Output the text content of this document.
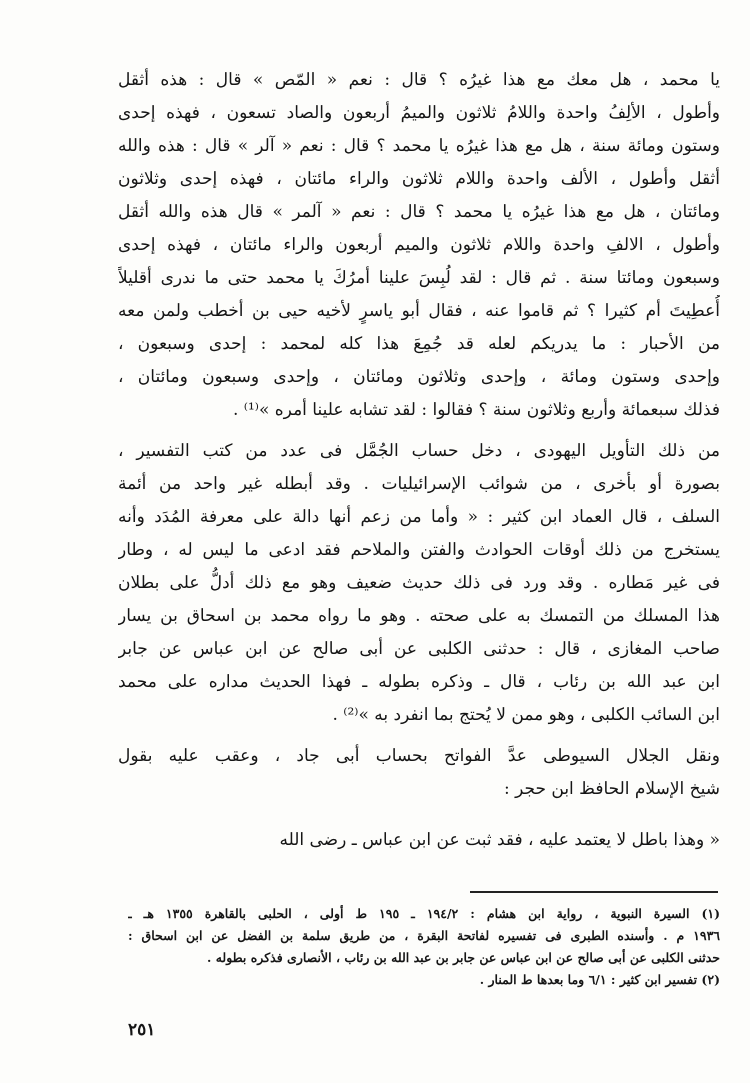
يا محمد ، هل معك مع هذا غيرُه ؟ قال : نعم « المّص » قال : هذه أثقل
وأطول ، الألِفُ واحدة واللامُ ثلاثون والميمُ أربعون والصاد تسعون ، فهذه إحدى
وستون ومائة سنة ، هل مع هذا غيرُه يا محمد ؟ قال : نعم « آلر » قال : هذه والله
أثقل وأطول ، الألف واحدة واللام ثلاثون والراء مائتان ، فهذه إحدى وثلاثون
ومائتان ، هل مع هذا غيرُه يا محمد ؟ قال : نعم « آلمر » قال هذه والله أثقل
وأطول ، الالفِ واحدة واللام ثلاثون والميم أربعون والراء مائتان ، فهذه إحدى
وسبعون ومائتا سنة . ثم قال : لقد لُبِسَ علينا أمرُكَ يا محمد حتى ما ندرى أقليلاً
أُعطِيتَ أم كثيرا ؟ ثم قاموا عنه ، فقال أبو ياسرٍ لأخيه حيى بن أخطب ولمن معه
من الأحبار : ما يدريكم لعله قد جُمِعَ هذا كله لمحمد : إحدى وسبعون ،
وإحدى وستون ومائة ، وإحدى وثلاثون ومائتان ، وإحدى وسبعون ومائتان ،
فذلك سبعمائة وأربع وثلاثون سنة ؟ فقالوا : لقد تشابه علينا أمره »⁽¹⁾ .
من ذلك التأويل اليهودى ، دخل حساب الجُمَّل فى عدد من كتب التفسير ،
بصورة أو بأخرى ، من شوائب الإسرائيليات . وقد أبطله غير واحد من أئمة
السلف ، قال العماد ابن كثير : « وأما من زعم أنها دالة على معرفة المُدَد وأنه
يستخرج من ذلك أوقات الحوادث والفتن والملاحم فقد ادعى ما ليس له ، وطار
فى غير مَطاره . وقد ورد فى ذلك حديث ضعيف وهو مع ذلك أدلُّ على بطلان
هذا المسلك من التمسك به على صحته . وهو ما رواه محمد بن اسحاق بن يسار
صاحب المغازى ، قال : حدثنى الكلبى عن أبى صالح عن ابن عباس عن جابر
ابن عبد الله بن رئاب ، قال ـ وذكره بطوله ـ فهذا الحديث مداره على محمد
ابن السائب الكلبى ، وهو ممن لا يُحتج بما انفرد به »⁽²⁾ .
ونقل الجلال السيوطى عدَّ الفواتح بحساب أبى جاد ، وعقب عليه بقول
شيخ الإسلام الحافظ ابن حجر :
« وهذا باطل لا يعتمد عليه ، فقد ثبت عن ابن عباس ـ رضى الله
(١) السيرة النبوية ، رواية ابن هشام : ١٩٤/٢ ـ ١٩٥ ط أولى ، الحلبى بالقاهرة ١٣٥٥ هـ ـ
١٩٣٦ م . وأسنده الطبرى فى تفسيره لفاتحة البقرة ، من طريق سلمة بن الفضل عن ابن اسحاق :
حدثنى الكلبى عن أبى صالح عن ابن عباس عن جابر بن عبد الله بن رئاب ، الأنصارى فذكره بطوله .
(٢) تفسير ابن كثير : ٦/١ وما بعدها ط المنار .
٢٥١
